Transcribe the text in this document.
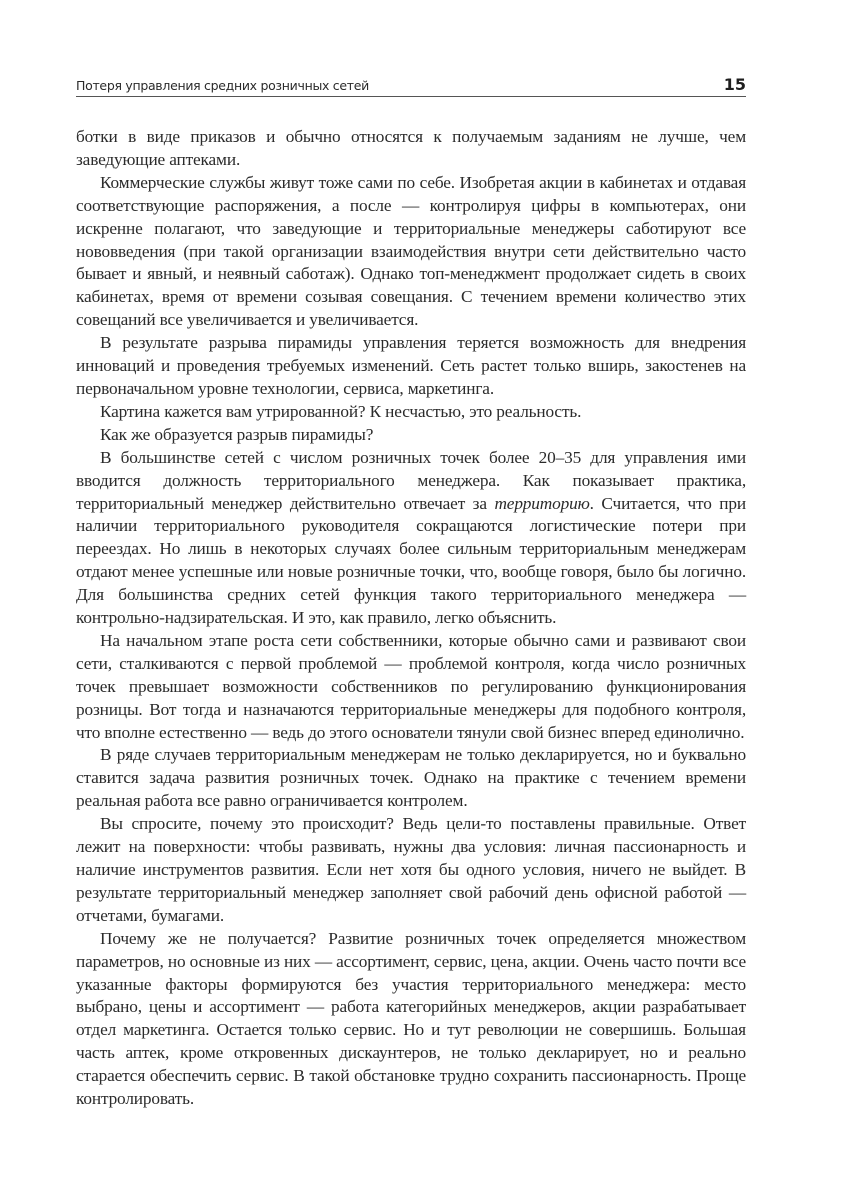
Потеря управления средних розничных сетей	15

ботки в виде приказов и обычно относятся к получаемым заданиям не лучше, чем заведующие аптеками.

Коммерческие службы живут тоже сами по себе. Изобретая акции в кабинетах и отдавая соответствующие распоряжения, а после — контролируя цифры в компьютерах, они искренне полагают, что заведующие и территориальные менеджеры саботируют все нововведения (при такой организации взаимодействия внутри сети действительно часто бывает и явный, и неявный саботаж). Однако топ-менеджмент продолжает сидеть в своих кабинетах, время от времени созывая совещания. С течением времени количество этих совещаний все увеличивается и увеличивается.

В результате разрыва пирамиды управления теряется возможность для внедрения инноваций и проведения требуемых изменений. Сеть растет только вширь, закостенев на первоначальном уровне технологии, сервиса, маркетинга.

Картина кажется вам утрированной? К несчастью, это реальность.

Как же образуется разрыв пирамиды?

В большинстве сетей с числом розничных точек более 20–35 для управления ими вводится должность территориального менеджера. Как показывает практика, территориальный менеджер действительно отвечает за территорию. Считается, что при наличии территориального руководителя сокращаются логистические потери при переездах. Но лишь в некоторых случаях более сильным территориальным менеджерам отдают менее успешные или новые розничные точки, что, вообще говоря, было бы логично. Для большинства средних сетей функция такого территориального менеджера — контрольно-надзирательская. И это, как правило, легко объяснить.

На начальном этапе роста сети собственники, которые обычно сами и развивают свои сети, сталкиваются с первой проблемой — проблемой контроля, когда число розничных точек превышает возможности собственников по регулированию функционирования розницы. Вот тогда и назначаются территориальные менеджеры для подобного контроля, что вполне естественно — ведь до этого основатели тянули свой бизнес вперед единолично.

В ряде случаев территориальным менеджерам не только декларируется, но и буквально ставится задача развития розничных точек. Однако на практике с течением времени реальная работа все равно ограничивается контролем.

Вы спросите, почему это происходит? Ведь цели-то поставлены правильные. Ответ лежит на поверхности: чтобы развивать, нужны два условия: личная пассионарность и наличие инструментов развития. Если нет хотя бы одного условия, ничего не выйдет. В результате территориальный менеджер заполняет свой рабочий день офисной работой — отчетами, бумагами.

Почему же не получается? Развитие розничных точек определяется множеством параметров, но основные из них — ассортимент, сервис, цена, акции. Очень часто почти все указанные факторы формируются без участия территориального менеджера: место выбрано, цены и ассортимент — работа категорийных менеджеров, акции разрабатывает отдел маркетинга. Остается только сервис. Но и тут революции не совершишь. Большая часть аптек, кроме откровенных дискаунтеров, не только декларирует, но и реально старается обеспечить сервис. В такой обстановке трудно сохранить пассионарность. Проще контролировать.
